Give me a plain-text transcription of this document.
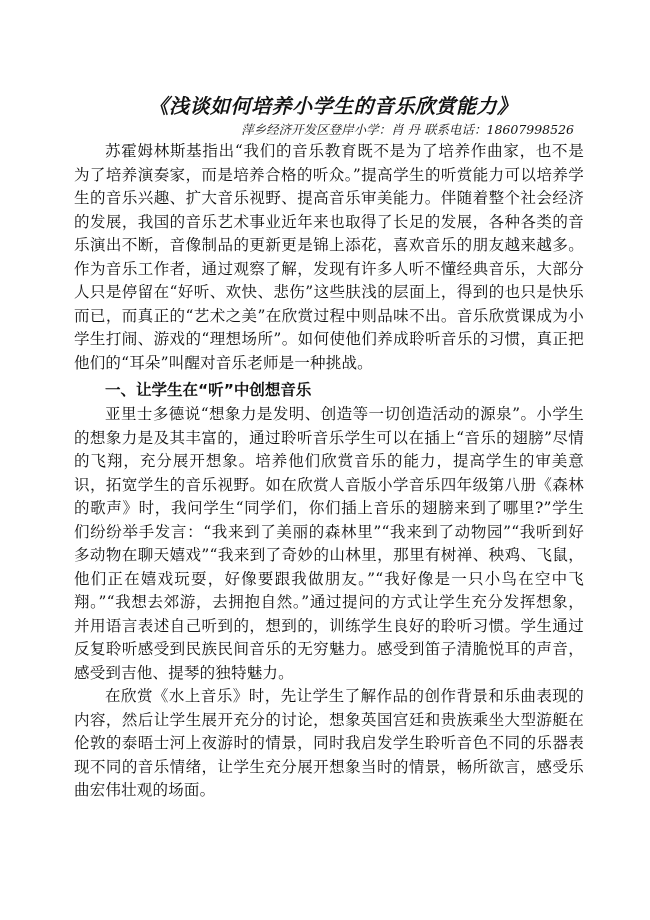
《浅谈如何培养小学生的音乐欣赏能力》

萍乡经济开发区登岸小学：肖 丹 联系电话：18607998526

苏霍姆林斯基指出“我们的音乐教育既不是为了培养作曲家，也不是为了培养演奏家，而是培养合格的听众。”提高学生的听赏能力可以培养学生的音乐兴趣、扩大音乐视野、提高音乐审美能力。伴随着整个社会经济的发展，我国的音乐艺术事业近年来也取得了长足的发展，各种各类的音乐演出不断，音像制品的更新更是锦上添花，喜欢音乐的朋友越来越多。作为音乐工作者，通过观察了解，发现有许多人听不懂经典音乐，大部分人只是停留在“好听、欢快、悲伤”这些肤浅的层面上，得到的也只是快乐而已，而真正的“艺术之美”在欣赏过程中则品味不出。音乐欣赏课成为小学生打闹、游戏的“理想场所”。如何使他们养成聆听音乐的习惯，真正把他们的“耳朵”叫醒对音乐老师是一种挑战。

一、让学生在“听”中创想音乐

亚里士多德说“想象力是发明、创造等一切创造活动的源泉”。小学生的想象力是及其丰富的，通过聆听音乐学生可以在插上“音乐的翅膀”尽情的飞翔，充分展开想象。培养他们欣赏音乐的能力，提高学生的审美意识，拓宽学生的音乐视野。如在欣赏人音版小学音乐四年级第八册《森林的歌声》时，我问学生“同学们，你们插上音乐的翅膀来到了哪里?”学生们纷纷举手发言：“我来到了美丽的森林里”“我来到了动物园”“我听到好多动物在聊天嬉戏”“我来到了奇妙的山林里，那里有树禅、秧鸡、飞鼠，他们正在嬉戏玩耍，好像要跟我做朋友。”“我好像是一只小鸟在空中飞翔。”“我想去郊游，去拥抱自然。”通过提问的方式让学生充分发挥想象，并用语言表述自己听到的，想到的，训练学生良好的聆听习惯。学生通过反复聆听感受到民族民间音乐的无穷魅力。感受到笛子清脆悦耳的声音，感受到吉他、提琴的独特魅力。

在欣赏《水上音乐》时，先让学生了解作品的创作背景和乐曲表现的内容，然后让学生展开充分的讨论，想象英国宫廷和贵族乘坐大型游艇在伦敦的泰晤士河上夜游时的情景，同时我启发学生聆听音色不同的乐器表现不同的音乐情绪，让学生充分展开想象当时的情景，畅所欲言，感受乐曲宏伟壮观的场面。
